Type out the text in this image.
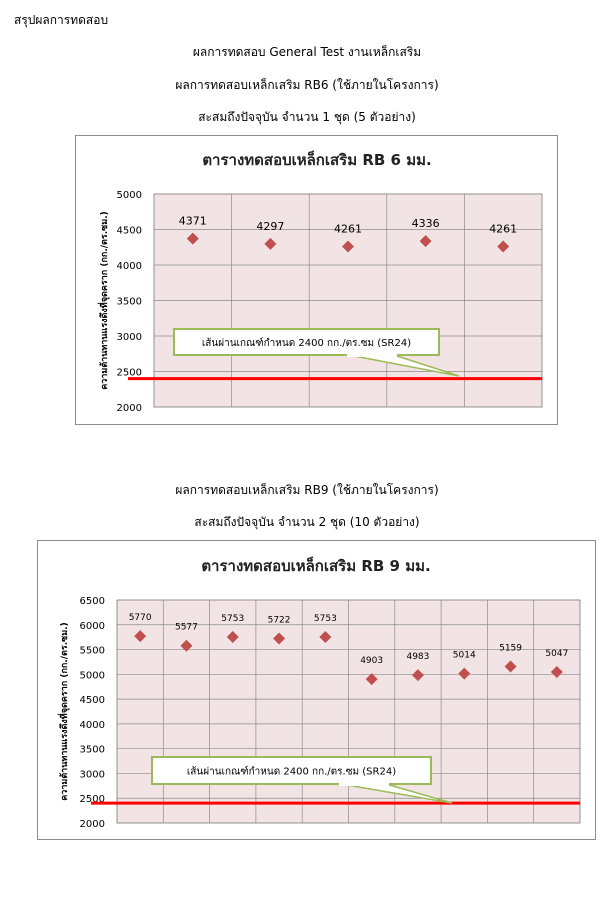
สรุปผลการทดสอบ
ผลการทดสอบ General Test งานเหล็กเสริม
ผลการทดสอบเหล็กเสริม RB6 (ใช้ภายในโครงการ)
สะสมถึงปัจจุบัน จำนวน 1 ชุด (5 ตัวอย่าง)
ตารางทดสอบเหล็กเสริม RB 6 มม.
2000
2500
3000
3500
4000
4500
5000
ความต้านทานแรงดึงที่จุดคราก (กก./ตร.ซม.)	เส้นผ่านเกณฑ์กำหนด 2400 กก./ตร.ซม (SR24)
4371	4297	4261	4336	4261
ผลการทดสอบเหล็กเสริม RB9 (ใช้ภายในโครงการ)
สะสมถึงปัจจุบัน จำนวน 2 ชุด (10 ตัวอย่าง)
ตารางทดสอบเหล็กเสริม RB 9 มม.
2000
2500
3000
3500
4000
4500
5000
5500
6000
6500
ความต้านทานแรงดึงที่จุดคราก (กก./ตร.ซม.)	เส้นผ่านเกณฑ์กำหนด 2400 กก./ตร.ซม (SR24)
5770
5577
5753	5722	5753
4903	4983	5014
5159
5047
